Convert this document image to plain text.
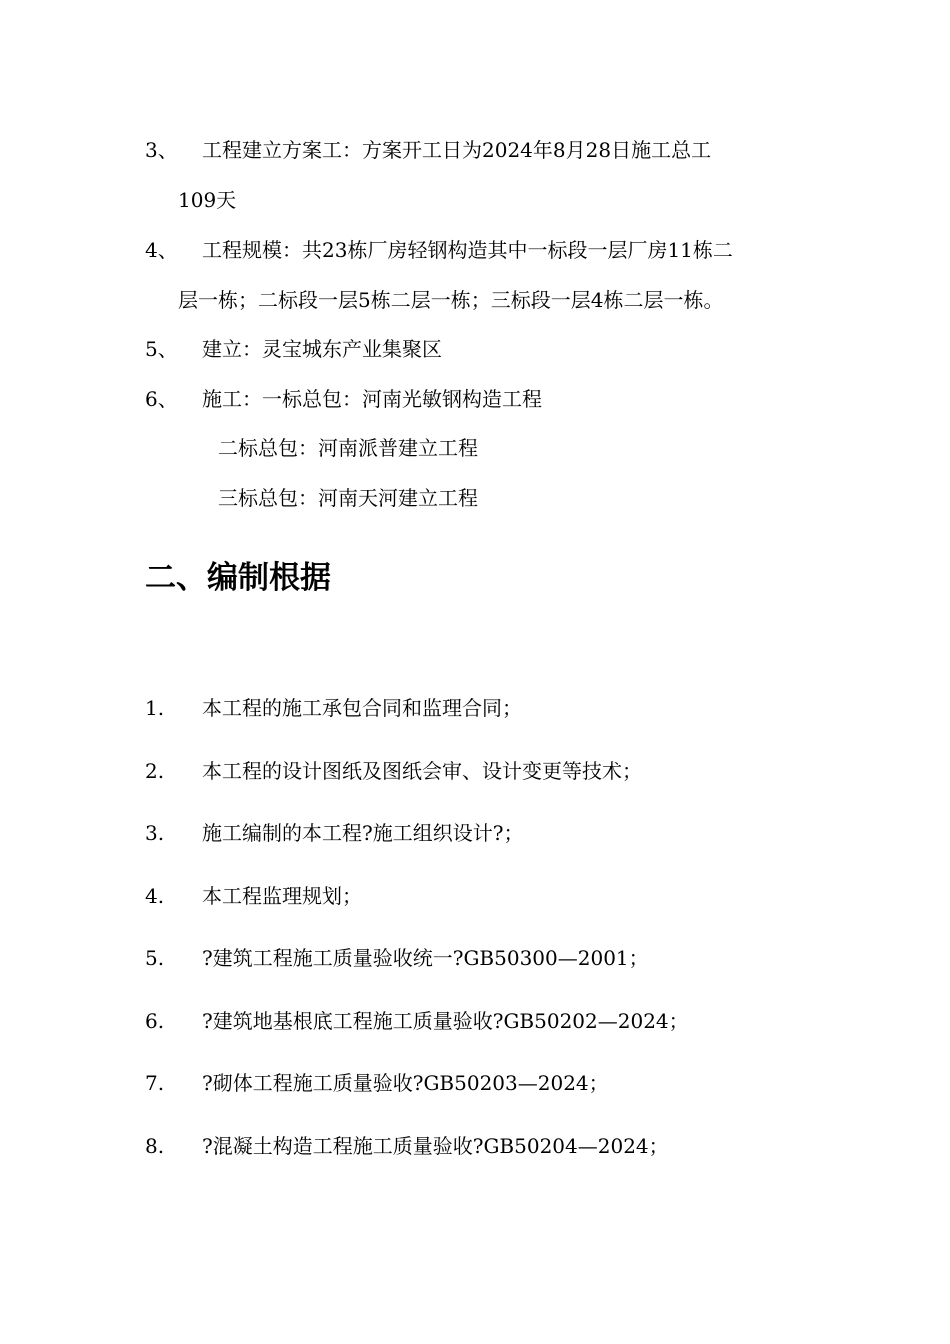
3、 工程建立方案工：方案开工日为2024年8月28日施工总工
109天
4、 工程规模：共23栋厂房轻钢构造其中一标段一层厂房11栋二
层一栋；二标段一层5栋二层一栋；三标段一层4栋二层一栋。
5、 建立：灵宝城东产业集聚区
6、 施工：一标总包：河南光敏钢构造工程
二标总包：河南派普建立工程
三标总包：河南天河建立工程
二、编制根据
1. 本工程的施工承包合同和监理合同；
2. 本工程的设计图纸及图纸会审、设计变更等技术；
3. 施工编制的本工程?施工组织设计?；
4. 本工程监理规划；
5. ?建筑工程施工质量验收统一?GB50300—2001；
6. ?建筑地基根底工程施工质量验收?GB50202—2024；
7. ?砌体工程施工质量验收?GB50203—2024；
8. ?混凝土构造工程施工质量验收?GB50204—2024；
